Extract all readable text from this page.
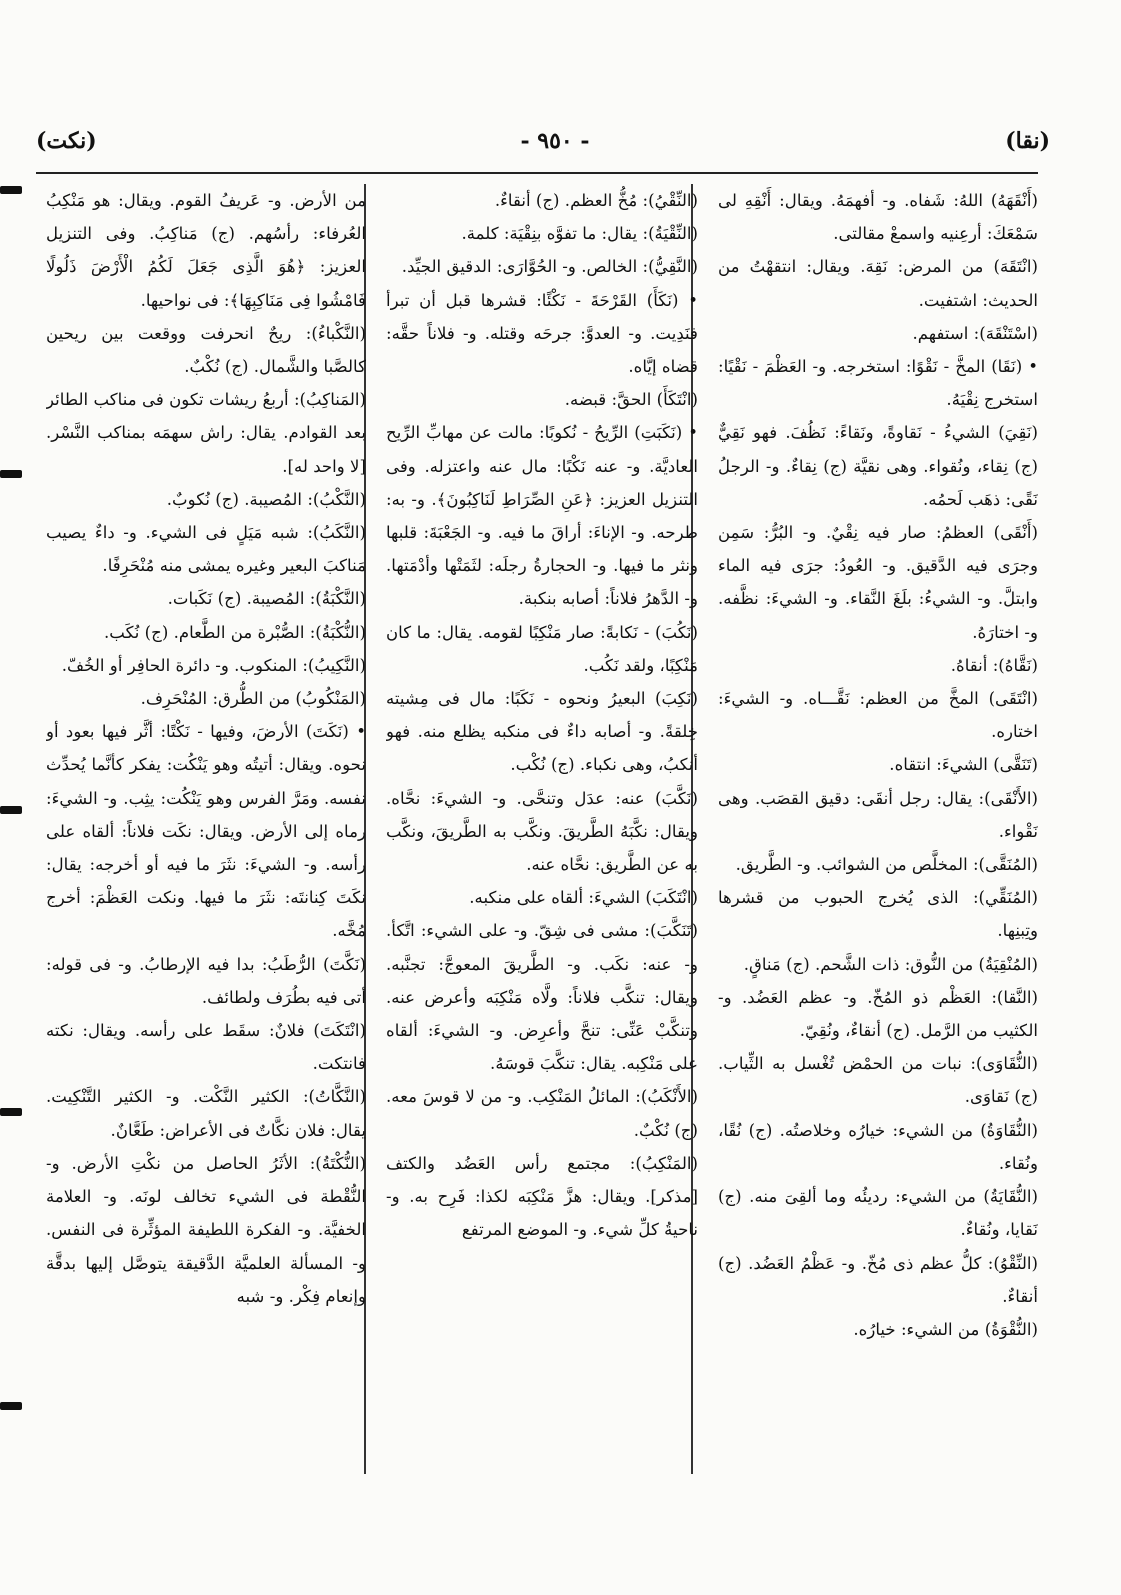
(نقا)
- ٩٥٠ -
(نكت)

(أَنْقَهَهُ) اللهُ: شَفاه. و- أفهمَهُ. ويقال: أَنْقِهِ لى سَمْعَكَ: أرعِنيه واسمعْ مقالتى.

(انْتَقَهَ) من المرض: نَقِهَ. ويقال: انتقهْتُ من الحديث: اشتفيت.

(اسْتَنْقَهَ): استفهم.

• (نَقَا) المخَّ - نَقْوًا: استخرجه. و- العَظْمَ - نَقْيًا: استخرج نِقْيَهُ.

(نَقِيَ) الشيءُ - نَقاوةً، ونَقاءً: نَظُفَ. فهو نَقِيٌّ (ج) نِقاء، ونُقواء. وهى نقيَّة (ج) نِقاءٌ. و- الرجلُ نَقًى: ذهَب لَحمُه.

(أَنْقَى) العظمُ: صار فيه نِقْيٌ. و- البُرُّ: سَمِن وجرَى فيه الدَّقيق. و- العُودُ: جرَى فيه الماء وابتلَّ. و- الشيءُ: بلَغَ النَّقاء. و- الشيءَ: نظَّفه. و- اختارَهُ.

(نَقَّاهُ): أنقاهُ.

(انْتَقَى) المخَّ من العظم: نَقَّـــاه. و- الشيءَ: اختاره.

(تَنَقَّى) الشيءَ: انتقاه.

(الأَنْقَى): يقال: رجل أنقَى: دقيق القصَب. وهى نَقْواء.

(المُنَقَّى): المخلَّص من الشوائب. و- الطَّريق.

(المُنَقِّي): الذى يُخرج الحبوب من قشرها وتِبنِها.

(المُنْقِيَةُ) من النُّوق: ذات الشَّحم. (ج) مَناقٍ.

(النَّقا): العَظْم ذو المُخّ. و- عظم العَضُد. و- الكثيب من الرَّمل. (ج) أنقاءٌ، ونُقِيّ.

(النُّقَاوَى): نبات من الحمْض تُغْسل به الثِّياب. (ج) نَقاوَى.

(النُّقَاوَةُ) من الشيء: خيارُه وخلاصتُه. (ج) نُقًا، ونُقاء.

(النُّقَايَةُ) من الشيء: رديئُه وما ألقِىَ منه. (ج) نَقايا، ونُقاءٌ.

(النِّقْوُ): كلُّ عظم ذى مُخّ. و- عَظْمُ العَضُد. (ج) أنقاءٌ.

(النُّقْوَةُ) من الشيء: خيارُه.

(النِّقْيُ): مُخُّ العظم. (ج) أنقاءٌ.

(النِّقْيَةُ): يقال: ما تفوَّه بنِقْيَة: كلمة.

(النَّقِيُّ): الخالص. و- الحُوَّارَى: الدقيق الجيِّد.

• (نَكَأَ) القَرْحَةَ - نَكْئًا: قشرها قبل أن تبرأ فنَدِيت. و- العدوَّ: جرحَه وقتله. و- فلاناً حقَّه: قضاه إيَّاه.

(انْتَكَأَ) الحقَّ: قبضه.

• (نَكَبَتِ) الرِّيحُ - نُكوبًا: مالت عن مهابِّ الرِّيح العاديَّة. و- عنه نَكْبًا: مال عنه واعتزله. وفى التنزيل العزيز: ﴿عَنِ الصِّرَاطِ لَنَاكِبُونَ﴾. و- به: طرحه. و- الإناءَ: أراقَ ما فيه. و- الجَعْبَةَ: قلبها ونثر ما فيها. و- الحجارةُ رجلَه: لثَمَتْها وأدْمَتها. و- الدَّهرُ فلاناً: أصابه بنكبة.

(نَكُبَ) - نَكابةً: صار مَنْكِبًا لقومه. يقال: ما كان مَنْكِبًا، ولقد نَكُب.

(نَكِبَ) البعيرُ ونحوه - نَكَبًا: مال فى مِشيته خِلقةً. و- أصابه داءٌ فى منكبه يظلع منه. فهو أنكبُ، وهى نكباء. (ج) نُكْب.

(نَكَّبَ) عنه: عدَل وتنحَّى. و- الشيءَ: نحَّاه. ويقال: نكَّبَهُ الطَّريقَ. ونكَّب به الطَّريقَ، ونكَّب به عن الطَّريق: نحَّاه عنه.

(انْتَكَبَ) الشيءَ: ألقاه على منكبه.

(تَنَكَّبَ): مشى فى شِقّ. و- على الشيء: اتَّكأ. و- عنه: نكَب. و- الطَّريقَ المعوجَّ: تجنَّبه. ويقال: تنكَّب فلاناً: ولَّاه مَنْكِبَه وأعرض عنه. وتنكَّبْ عَنِّى: تنحَّ وأعرِض. و- الشيءَ: ألقاه على مَنْكِبه. يقال: تنكَّبَ قوسَهُ.

(الأَنْكَبُ): المائلُ المَنْكِب. و- من لا قوسَ معه. (ج) نُكْبٌ.

(المَنْكِبُ): مجتمع رأس العَضُد والكتف [مذكر]. ويقال: هزَّ مَنْكِبَه لكذا: فَرِح به. و- ناحيةُ كلِّ شيء. و- الموضع المرتفع

من الأرض. و- عَريفُ القوم. ويقال: هو مَنْكِبُ العُرفاء: رأسُهم. (ج) مَناكِبُ. وفى التنزيل العزيز: ﴿هُوَ الَّذِى جَعَلَ لَكُمُ الْأَرْضَ ذَلُولًا فَامْشُوا فِى مَنَاكِبِهَا﴾: فى نواحيها.

(النَّكْباءُ): ريحٌ انحرفت ووقعت بين ريحين كالصَّبا والشَّمال. (ج) نُكْبٌ.

(المَناكِبُ): أربعُ ريشات تكون فى مناكب الطائر بعد القوادم. يقال: راش سهمَه بمناكب النَّسْر. [لا واحد له].

(النَّكْبُ): المُصيبة. (ج) نُكوبٌ.

(النَّكَبُ): شبه مَيَلٍ فى الشيء. و- داءٌ يصيب مَناكبَ البعير وغيره يمشى منه مُنْحَرِفًا.

(النَّكْبَةُ): المُصيبة. (ج) نَكَبات.

(النُّكْبَةُ): الصُّبْرة من الطَّعام. (ج) نُكَب.

(النَّكِيبُ): المنكوب. و- دائرة الحافِر أو الخُفّ.

(المَنْكُوبُ) من الطُّرق: المُنْحَرِف.

• (نَكَتَ) الأرضَ، وفيها - نَكْتًا: أثَّر فيها بعود أو نحوه. ويقال: أتيتُه وهو يَنْكُت: يفكر كأنَّما يُحدِّث نفسه. ومَرَّ الفرس وهو يَنْكُت: يثِب. و- الشيءَ: رماه إلى الأرض. ويقال: نكَت فلاناً: ألقاه على رأسه. و- الشيءَ: نثَرَ ما فيه أو أخرجه: يقال: نكَتَ كِنانتَه: نثَرَ ما فيها. ونكت العَظْمَ: أخرج مُخَّه.

(نَكَّتَ) الرُّطَبُ: بدا فيه الإرطابُ. و- فى قوله: أتى فيه بطُرَف ولطائف.

(انْتَكَتَ) فلانٌ: سقَط على رأسه. ويقال: نكته فانتكت.

(النَّكَّاتُ): الكثير النَّكْت. و- الكثير التَّنْكِيت. يقال: فلان نكَّاتٌ فى الأعراض: طَعَّانٌ.

(النُّكْتَةُ): الأثَرُ الحاصل من نكْتِ الأرض. و- النُّقْطة فى الشيء تخالف لونَه. و- العلامة الخفيَّة. و- الفكرة اللطيفة المؤثِّرة فى النفس. و- المسألة العلميَّة الدَّقيقة يتوصَّل إليها بدقَّة وإنعام فِكْر. و- شبه
